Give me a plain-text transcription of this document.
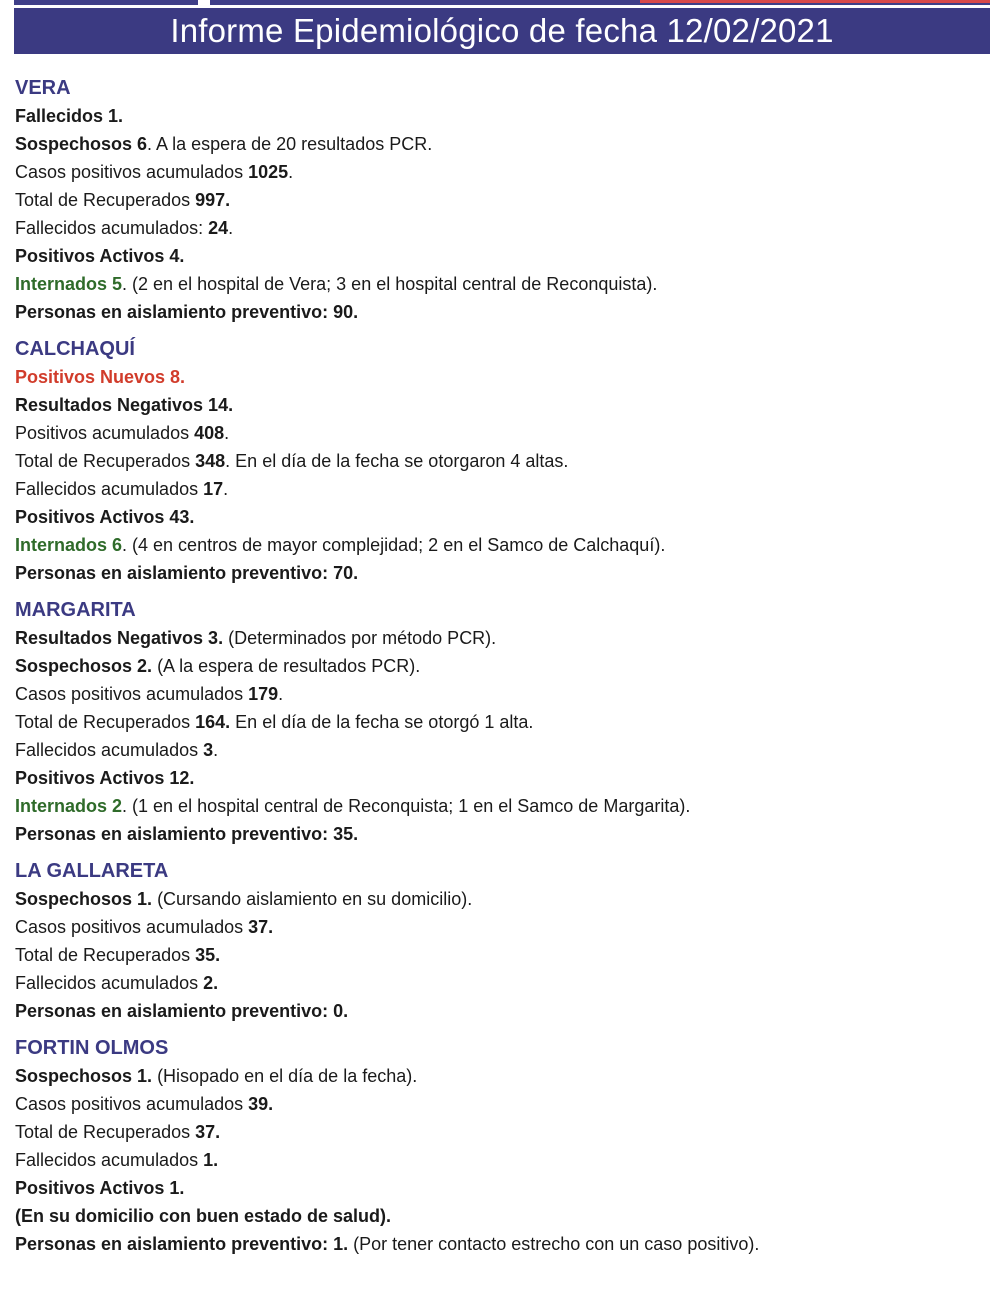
Informe Epidemiológico de fecha 12/02/2021
VERA
Fallecidos 1.
Sospechosos 6. A la espera de 20 resultados PCR.
Casos positivos acumulados 1025.
Total de Recuperados 997.
Fallecidos acumulados: 24.
Positivos Activos 4.
Internados 5. (2 en el hospital de Vera; 3 en el hospital central de Reconquista).
Personas en aislamiento preventivo: 90.
CALCHAQUÍ
Positivos Nuevos 8.
Resultados Negativos 14.
Positivos acumulados 408.
Total de Recuperados 348. En el día de la fecha se otorgaron 4 altas.
Fallecidos acumulados 17.
Positivos Activos 43.
Internados 6. (4 en centros de mayor complejidad; 2 en el Samco de Calchaquí).
Personas en aislamiento preventivo: 70.
MARGARITA
Resultados Negativos 3. (Determinados por método PCR).
Sospechosos 2. (A la espera de resultados PCR).
Casos positivos acumulados 179.
Total de Recuperados 164. En el día de la fecha se otorgó 1 alta.
Fallecidos acumulados 3.
Positivos Activos 12.
Internados 2. (1 en el hospital central de Reconquista; 1 en el Samco de Margarita).
Personas en aislamiento preventivo: 35.
LA GALLARETA
Sospechosos 1. (Cursando aislamiento en su domicilio).
Casos positivos acumulados 37.
Total de Recuperados 35.
Fallecidos acumulados 2.
Personas en aislamiento preventivo: 0.
FORTIN OLMOS
Sospechosos 1. (Hisopado en el día de la fecha).
Casos positivos acumulados 39.
Total de Recuperados 37.
Fallecidos acumulados 1.
Positivos Activos 1.
(En su domicilio con buen estado de salud).
Personas en aislamiento preventivo: 1. (Por tener contacto estrecho con un caso positivo).
